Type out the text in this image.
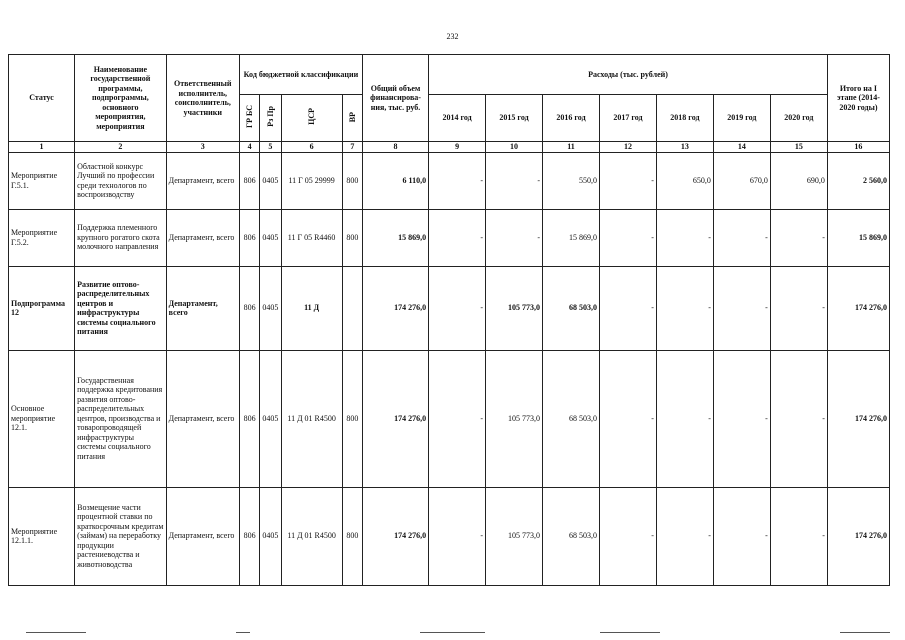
232
Статус	Наименование государственной программы, подпрограммы, основного мероприятия, мероприятия	Ответственный исполнитель, соисполнитель, участники	Код бюджетной классификации				Общий объем финансирова-ния, тыс. руб.	Расходы (тыс. рублей)							Итого на I этапе (2014-2020 годы)
			ГР БС	Рз Пр	ЦСР	ВР		2014 год	2015 год	2016 год	2017 год	2018 год	2019 год	2020 год	
1	2	3	4	5	6	7	8	9	10	11	12	13	14	15	16
Мероприятие Г.5.1.	Областной конкурс Лучший по профессии среди технологов по воспроизводству	Департамент, всего	806	0405	11 Г 05 29999	800	6 110,0	-	-	550,0	-	650,0	670,0	690,0	2 560,0
Мероприятие Г.5.2.	Поддержка племенного крупного рогатого скота молочного направления	Департамент, всего	806	0405	11 Г 05 R4460	800	15 869,0	-	-	15 869,0	-	-	-	-	15 869,0
Подпрограмма 12	Развитие оптово-распределительных центров и инфраструктуры системы социального питания	Департамент, всего	806	0405	11 Д		174 276,0	-	105 773,0	68 503,0	-	-	-	-	174 276,0
Основное мероприятие 12.1.	Государственная поддержка кредитования развития оптово-распределительных центров, производства и товаропроводящей инфраструктуры системы социального питания	Департамент, всего	806	0405	11 Д 01 R4500	800	174 276,0	-	105 773,0	68 503,0	-	-	-	-	174 276,0
Мероприятие 12.1.1.	Возмещение части процентной ставки по краткосрочным кредитам (займам) на переработку продукции растениеводства и животноводства	Департамент, всего	806	0405	11 Д 01 R4500	800	174 276,0	-	105 773,0	68 503,0	-	-	-	-	174 276,0
